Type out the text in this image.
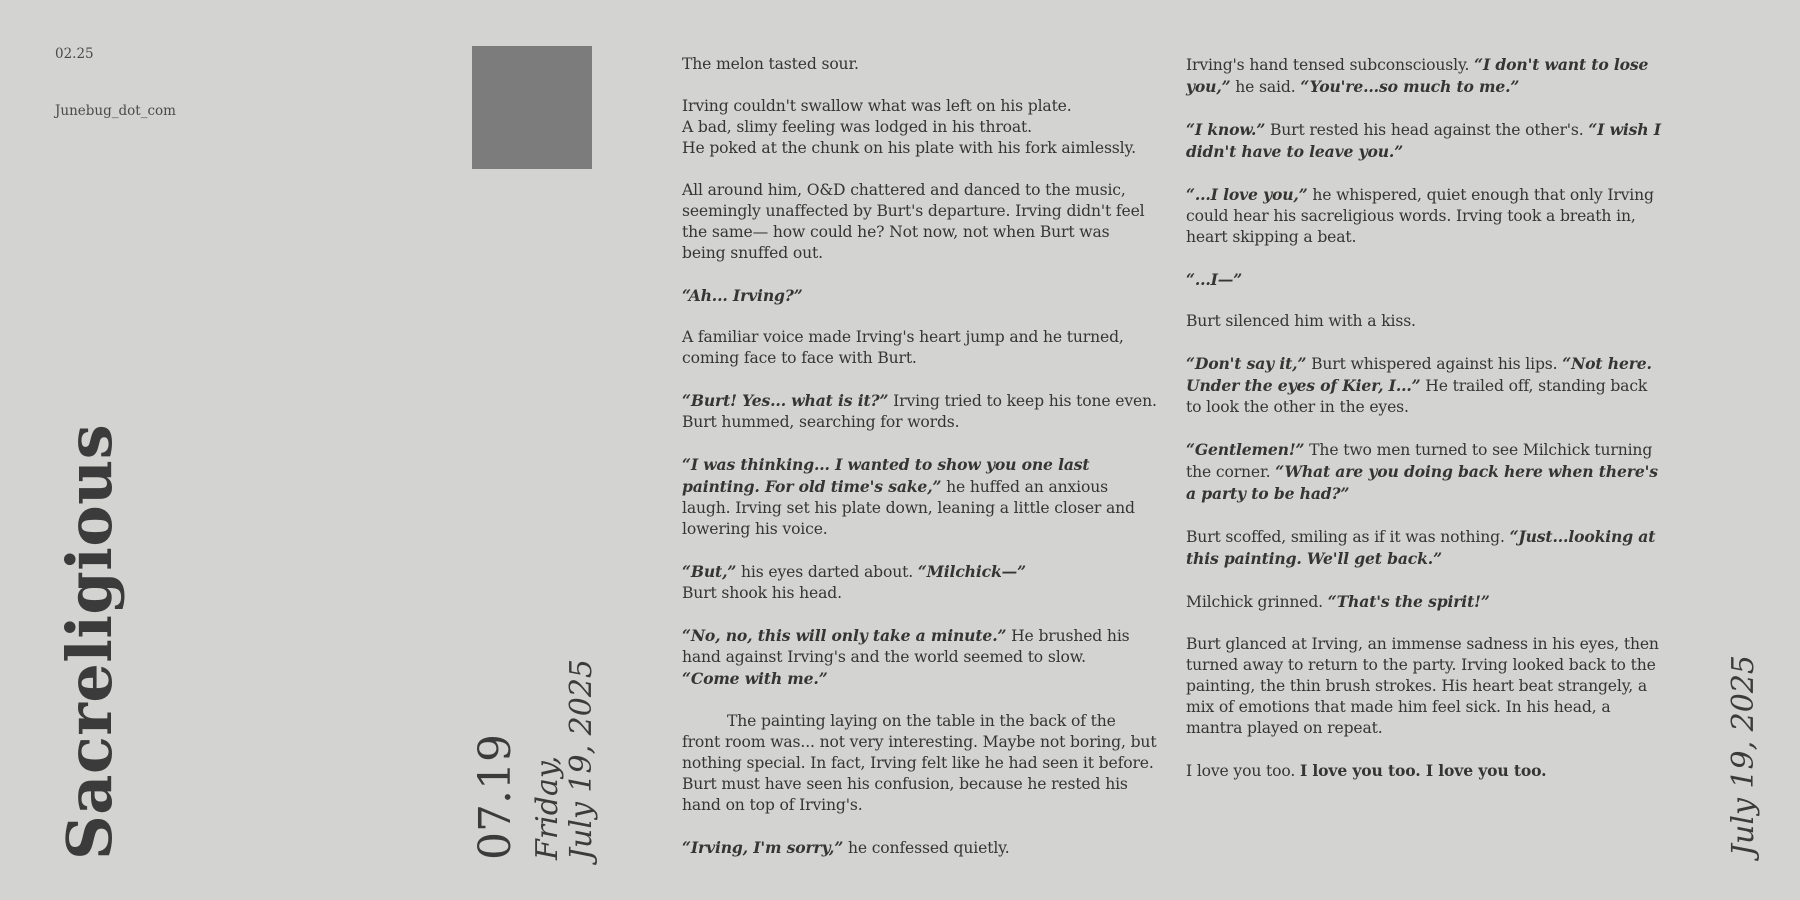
02.25
Junebug_dot_com
Sacreligious	07.19 Friday, July 19, 2025	July 19, 2025

The melon tasted sour.

Irving couldn't swallow what was left on his plate.
A bad, slimy feeling was lodged in his throat.
He poked at the chunk on his plate with his fork aimlessly.

All around him, O&D chattered and danced to the music, seemingly unaffected by Burt's departure. Irving didn't feel the same— how could he? Not now, not when Burt was being snuffed out.

“Ah... Irving?”

A familiar voice made Irving's heart jump and he turned, coming face to face with Burt.

“Burt! Yes... what is it?” Irving tried to keep his tone even.
Burt hummed, searching for words.

“I was thinking... I wanted to show you one last painting. For old time's sake,” he huffed an anxious laugh. Irving set his plate down, leaning a little closer and lowering his voice.

“But,” his eyes darted about. “Milchick—”
Burt shook his head.

“No, no, this will only take a minute.” He brushed his hand against Irving's and the world seemed to slow.
“Come with me.”

The painting laying on the table in the back of the front room was... not very interesting. Maybe not boring, but nothing special. In fact, Irving felt like he had seen it before. Burt must have seen his confusion, because he rested his hand on top of Irving's.

“Irving, I'm sorry,” he confessed quietly.

Irving's hand tensed subconsciously. “I don't want to lose you,” he said. “You're...so much to me.”

“I know.” Burt rested his head against the other's. “I wish I didn't have to leave you.”

“...I love you,” he whispered, quiet enough that only Irving could hear his sacreligious words. Irving took a breath in, heart skipping a beat.

“...I—”

Burt silenced him with a kiss.

“Don't say it,” Burt whispered against his lips. “Not here. Under the eyes of Kier, I...” He trailed off, standing back to look the other in the eyes.

“Gentlemen!” The two men turned to see Milchick turning the corner. “What are you doing back here when there's a party to be had?”

Burt scoffed, smiling as if it was nothing. “Just...looking at this painting. We'll get back.”

Milchick grinned. “That's the spirit!”

Burt glanced at Irving, an immense sadness in his eyes, then turned away to return to the party. Irving looked back to the painting, the thin brush strokes. His heart beat strangely, a mix of emotions that made him feel sick. In his head, a mantra played on repeat.

I love you too. I love you too. I love you too.
